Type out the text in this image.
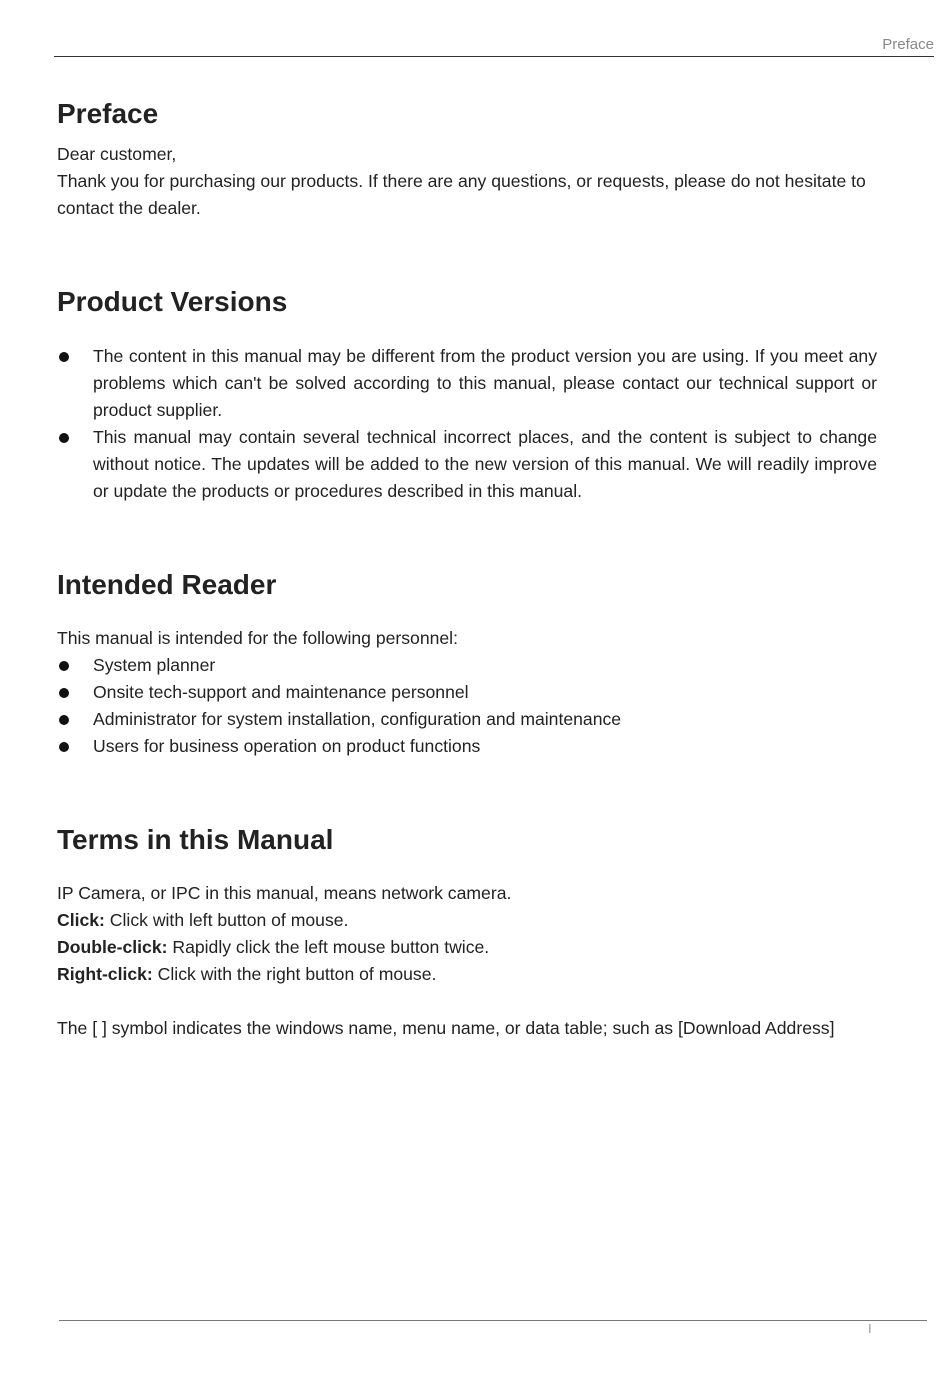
Preface
Preface

Dear customer,

Thank you for purchasing our products. If there are any questions, or requests, please do not hesitate to contact the dealer.

Product Versions
The content in this manual may be different from the product version you are using. If you meet any problems which can't be solved according to this manual, please contact our technical support or product supplier.
This manual may contain several technical incorrect places, and the content is subject to change without notice. The updates will be added to the new version of this manual. We will readily improve or update the products or procedures described in this manual.
Intended Reader

This manual is intended for the following personnel:

System planner
Onsite tech-support and maintenance personnel
Administrator for system installation, configuration and maintenance
Users for business operation on product functions
Terms in this Manual
IP Camera, or IPC in this manual, means network camera.
Click: Click with left button of mouse.
Double-click: Rapidly click the left mouse button twice.
Right-click: Click with the right button of mouse.

The [ ] symbol indicates the windows name, menu name, or data table; such as [Download Address]

I
